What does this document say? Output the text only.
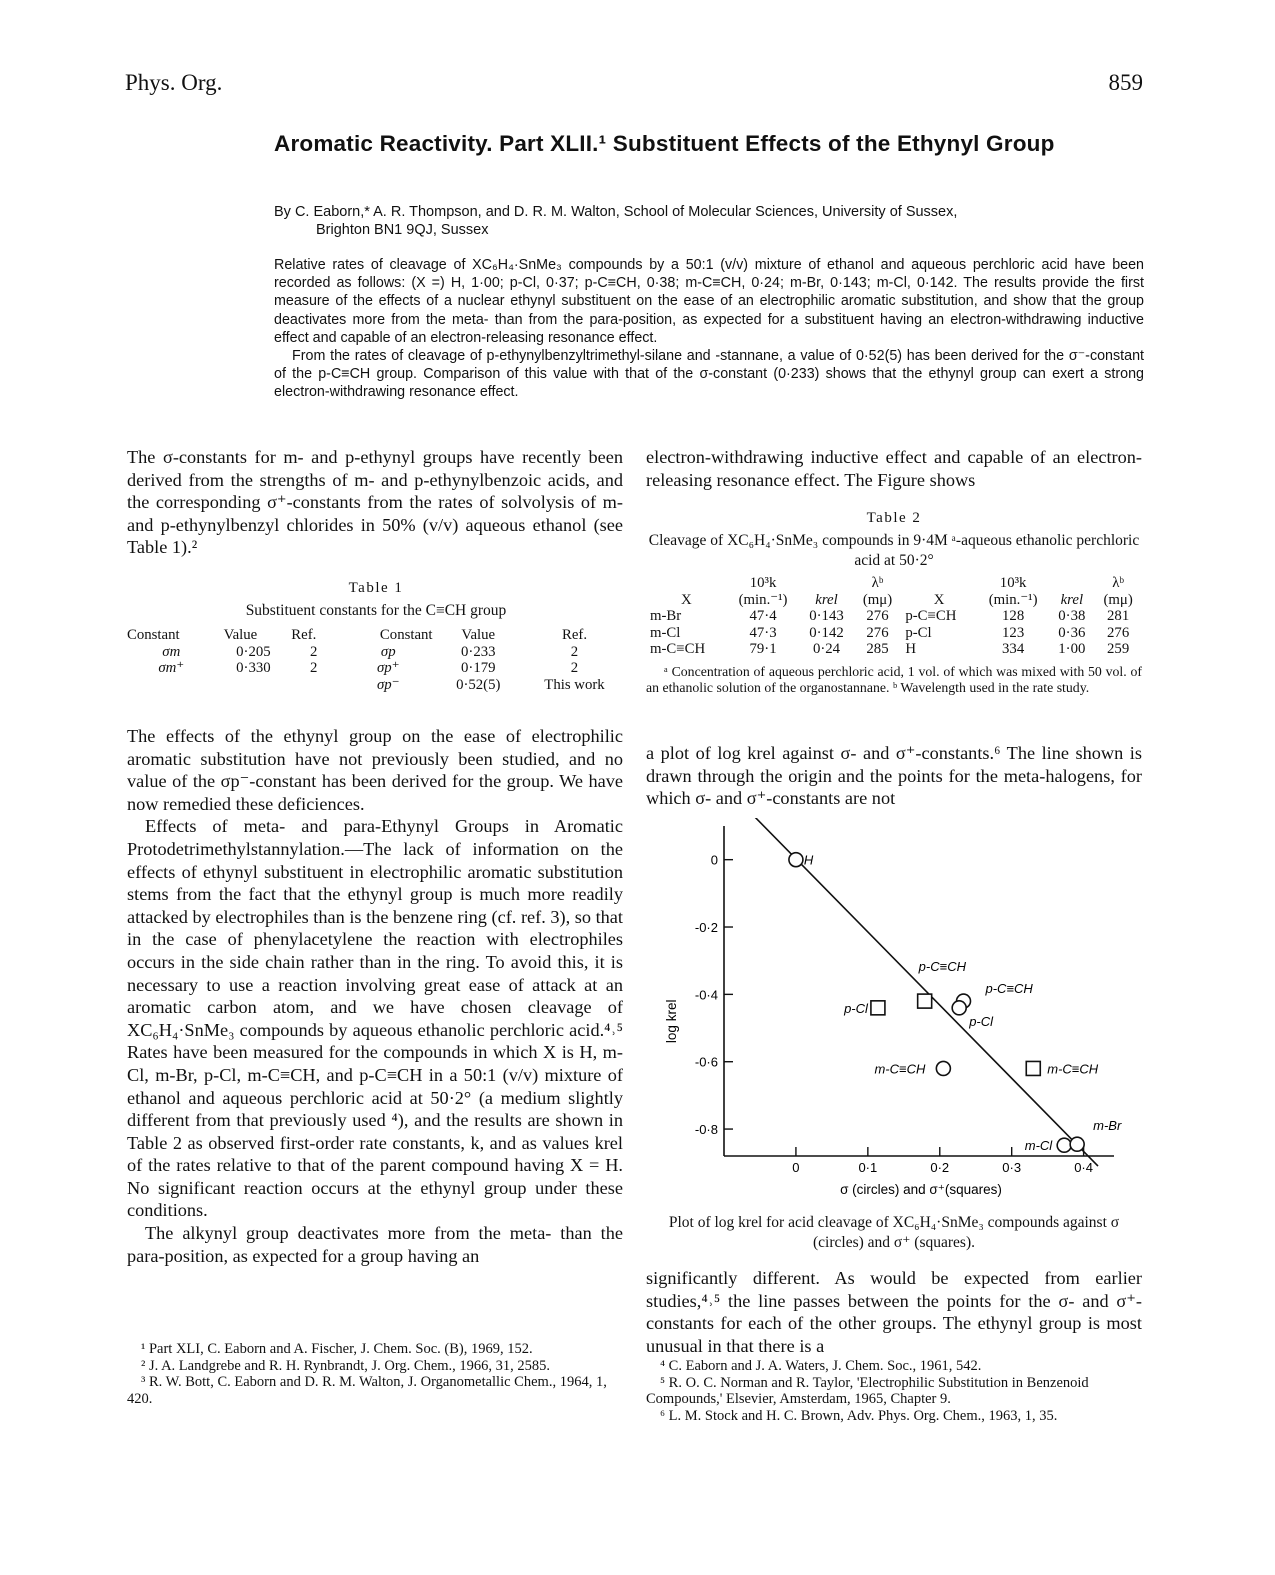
Phys. Org.	859
Aromatic Reactivity. Part XLII.¹ Substituent Effects of the Ethynyl Group
By C. Eaborn,* A. R. Thompson, and D. R. M. Walton, School of Molecular Sciences, University of Sussex,
Brighton BN1 9QJ, Sussex

Relative rates of cleavage of XC₆H₄·SnMe₃ compounds by a 50:1 (v/v) mixture of ethanol and aqueous perchloric acid have been recorded as follows: (X =) H, 1·00; p-Cl, 0·37; p-C≡CH, 0·38; m-C≡CH, 0·24; m-Br, 0·143; m-Cl, 0·142. The results provide the first measure of the effects of a nuclear ethynyl substituent on the ease of an electrophilic aromatic substitution, and show that the group deactivates more from the meta- than from the para-position, as expected for a substituent having an electron-withdrawing inductive effect and capable of an electron-releasing resonance effect.

From the rates of cleavage of p-ethynylbenzyltrimethyl-silane and -stannane, a value of 0·52(5) has been derived for the σ⁻-constant of the p-C≡CH group. Comparison of this value with that of the σ-constant (0·233) shows that the ethynyl group can exert a strong electron-withdrawing resonance effect.

The σ-constants for m- and p-ethynyl groups have recently been derived from the strengths of m- and p-ethynylbenzoic acids, and the corresponding σ⁺-constants from the rates of solvolysis of m- and p-ethynylbenzyl chlorides in 50% (v/v) aqueous ethanol (see Table 1).²

Table 1
Substituent constants for the C≡CH group
Constant	Value	Ref.	Constant	Value	Ref.
σm	0·205	2	σp	0·233	2
σm⁺	0·330	2	σp⁺	0·179	2
			σp⁻	0·52(5)	This work

The effects of the ethynyl group on the ease of electrophilic aromatic substitution have not previously been studied, and no value of the σp⁻-constant has been derived for the group. We have now remedied these deficiences.

Effects of meta- and para-Ethynyl Groups in Aromatic Protodetrimethylstannylation.—The lack of information on the effects of ethynyl substituent in electrophilic aromatic substitution stems from the fact that the ethynyl group is much more readily attacked by electrophiles than is the benzene ring (cf. ref. 3), so that in the case of phenylacetylene the reaction with electrophiles occurs in the side chain rather than in the ring. To avoid this, it is necessary to use a reaction involving great ease of attack at an aromatic carbon atom, and we have chosen cleavage of XC₆H₄·SnMe₃ compounds by aqueous ethanolic perchloric acid.⁴˒⁵ Rates have been measured for the compounds in which X is H, m-Cl, m-Br, p-Cl, m-C≡CH, and p-C≡CH in a 50:1 (v/v) mixture of ethanol and aqueous perchloric acid at 50·2° (a medium slightly different from that previously used ⁴), and the results are shown in Table 2 as observed first-order rate constants, k, and as values krel of the rates relative to that of the parent compound having X = H. No significant reaction occurs at the ethynyl group under these conditions.

The alkynyl group deactivates more from the meta- than the para-position, as expected for a group having an

¹ Part XLI, C. Eaborn and A. Fischer, J. Chem. Soc. (B), 1969, 152.

² J. A. Landgrebe and R. H. Rynbrandt, J. Org. Chem., 1966, 31, 2585.

³ R. W. Bott, C. Eaborn and D. R. M. Walton, J. Organometallic Chem., 1964, 1, 420.

electron-withdrawing inductive effect and capable of an electron-releasing resonance effect. The Figure shows

Table 2
Cleavage of XC₆H₄·SnMe₃ compounds in 9·4M ᵃ-aqueous ethanolic perchloric acid at 50·2°
	10³k		λᵇ		10³k		λᵇ
X	(min.⁻¹)	krel	(mμ)	X	(min.⁻¹)	krel	(mμ)
m-Br	47·4	0·143	276	p-C≡CH	128	0·38	281
m-Cl	47·3	0·142	276	p-Cl	123	0·36	276
m-C≡CH	79·1	0·24	285	H	334	1·00	259
ᵃ Concentration of aqueous perchloric acid, 1 vol. of which was mixed with 50 vol. of an ethanolic solution of the organostannane. ᵇ Wavelength used in the rate study.

a plot of log krel against σ- and σ⁺-constants.⁶ The line shown is drawn through the origin and the points for the meta-halogens, for which σ- and σ⁺-constants are not

0
-0·2
-0·4
-0·6
-0·8
0	0·1	0·2	0·3	0·4
σ (circles) and σ⁺(squares)
log krel
H
p-C≡CH
p-Cl
m-C≡CH
m-Cl
m-Br
p-C≡CH
p-Cl
m-C≡CH
Plot of log krel for acid cleavage of XC₆H₄·SnMe₃ compounds against σ (circles) and σ⁺ (squares).

significantly different. As would be expected from earlier studies,⁴˒⁵ the line passes between the points for the σ- and σ⁺-constants for each of the other groups. The ethynyl group is most unusual in that there is a

⁴ C. Eaborn and J. A. Waters, J. Chem. Soc., 1961, 542.

⁵ R. O. C. Norman and R. Taylor, 'Electrophilic Substitution in Benzenoid Compounds,' Elsevier, Amsterdam, 1965, Chapter 9.

⁶ L. M. Stock and H. C. Brown, Adv. Phys. Org. Chem., 1963, 1, 35.
